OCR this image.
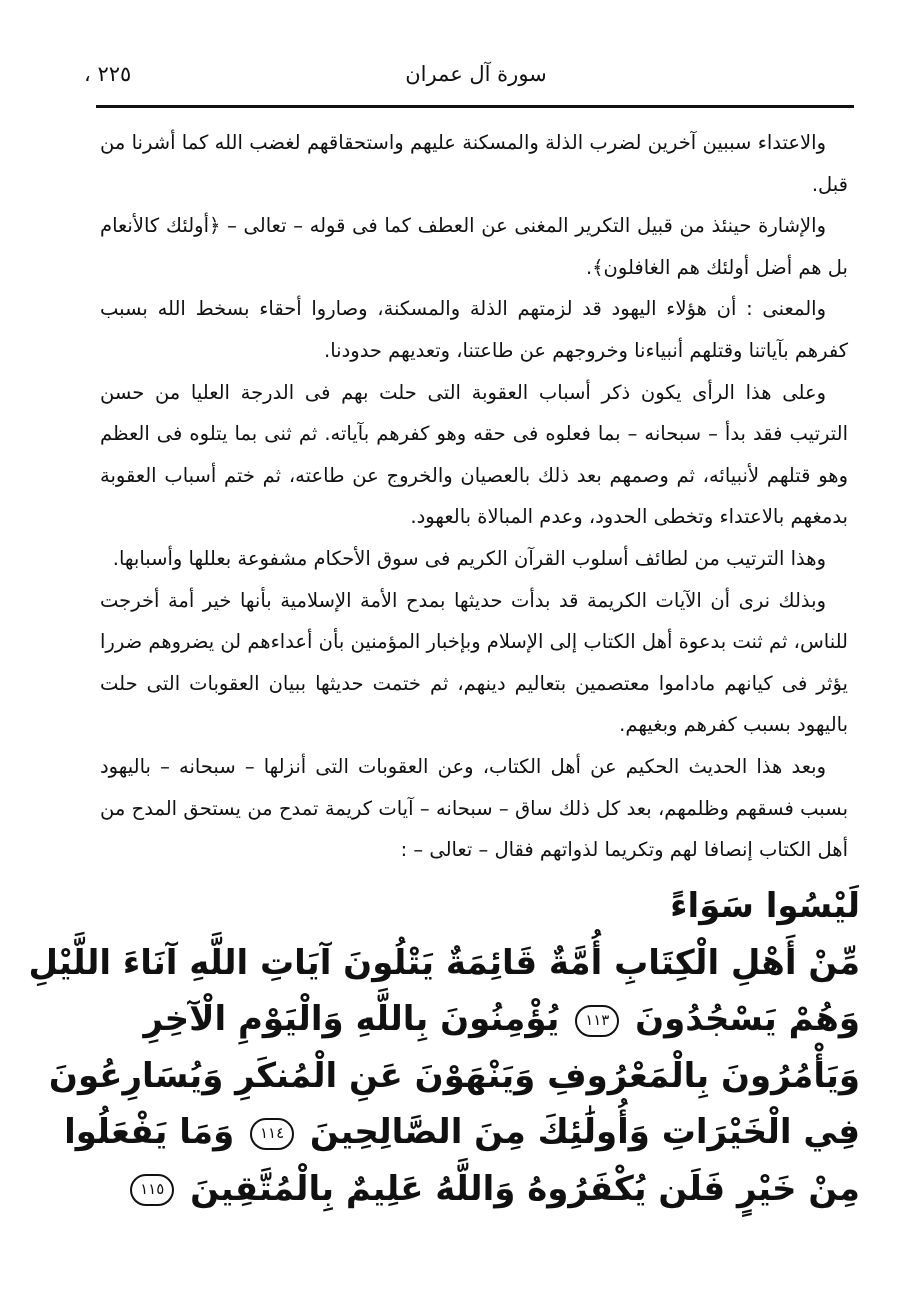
سورة آل عمران
٢٢٥ ،

والاعتداء سببين آخرين لضرب الذلة والمسكنة عليهم واستحقاقهم لغضب الله كما أشرنا من قبل.

والإشارة حينئذ من قبيل التكرير المغنى عن العطف كما فى قوله – تعالى – ﴿أولئك كالأنعام بل هم أضل أولئك هم الغافلون﴾.

والمعنى : أن هؤلاء اليهود قد لزمتهم الذلة والمسكنة، وصاروا أحقاء بسخط الله بسبب كفرهم بآياتنا وقتلهم أنبياءنا وخروجهم عن طاعتنا، وتعديهم حدودنا.

وعلى هذا الرأى يكون ذكر أسباب العقوبة التى حلت بهم فى الدرجة العليا من حسن الترتيب فقد بدأ – سبحانه – بما فعلوه فى حقه وهو كفرهم بآياته. ثم ثنى بما يتلوه فى العظم وهو قتلهم لأنبيائه، ثم وصمهم بعد ذلك بالعصيان والخروج عن طاعته، ثم ختم أسباب العقوبة بدمغهم بالاعتداء وتخطى الحدود، وعدم المبالاة بالعهود.

وهذا الترتيب من لطائف أسلوب القرآن الكريم فى سوق الأحكام مشفوعة بعللها وأسبابها.

وبذلك نرى أن الآيات الكريمة قد بدأت حديثها بمدح الأمة الإسلامية بأنها خير أمة أخرجت للناس، ثم ثنت بدعوة أهل الكتاب إلى الإسلام وبإخبار المؤمنين بأن أعداءهم لن يضروهم ضررا يؤثر فى كيانهم ماداموا معتصمين بتعاليم دينهم، ثم ختمت حديثها ببيان العقوبات التى حلت باليهود بسبب كفرهم وبغيهم.

وبعد هذا الحديث الحكيم عن أهل الكتاب، وعن العقوبات التى أنزلها – سبحانه – باليهود بسبب فسقهم وظلمهم، بعد كل ذلك ساق – سبحانه – آيات كريمة تمدح من يستحق المدح من أهل الكتاب إنصافا لهم وتكريما لذواتهم فقال – تعالى – :

لَيْسُوا سَوَاءً
مِّنْ أَهْلِ الْكِتَابِ أُمَّةٌ قَائِمَةٌ يَتْلُونَ آيَاتِ اللَّهِ آنَاءَ اللَّيْلِ
وَهُمْ يَسْجُدُونَ ١١٣ يُؤْمِنُونَ بِاللَّهِ وَالْيَوْمِ الْآخِرِ
وَيَأْمُرُونَ بِالْمَعْرُوفِ وَيَنْهَوْنَ عَنِ الْمُنكَرِ وَيُسَارِعُونَ
فِي الْخَيْرَاتِ وَأُولَٰئِكَ مِنَ الصَّالِحِينَ ١١٤ وَمَا يَفْعَلُوا
مِنْ خَيْرٍ فَلَن يُكْفَرُوهُ وَاللَّهُ عَلِيمٌ بِالْمُتَّقِينَ ١١٥
